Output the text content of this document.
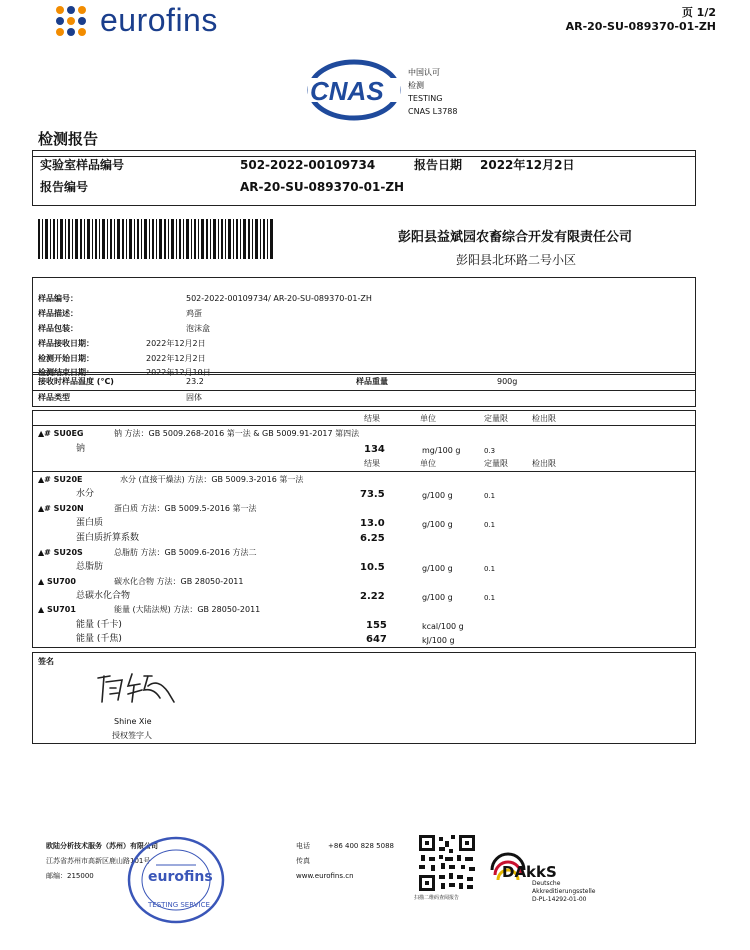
eurofins	页 1/2
AR-20-SU-089370-01-ZH
CNAS
中国认可
检测
TESTING
CNAS L3788
检测报告
实验室样品编号	502-2022-00109734	报告日期 2022年12月2日
报告编号	AR-20-SU-089370-01-ZH
彭阳县益斌园农畜综合开发有限责任公司
彭阳县北环路二号小区
样品编号：	502-2022-00109734/ AR-20-SU-089370-01-ZH
样品描述：	鸡蛋
样品包装：	泡沫盒
样品接收日期：	2022年12月2日
检测开始日期：	2022年12月2日
检测结束日期：	2022年12月10日
接收时样品温度 (°C)	23.2	样品重量	900g
样品类型	固体
结果	单位	定量限	检出限
▲# SU0EG	钠 方法：GB 5009.268-2016 第一法 & GB 5009.91-2017 第四法
钠	134	mg/100 g	0.3
结果	单位	定量限	检出限
▲# SU20E	水分 (直接干燥法) 方法：GB 5009.3-2016 第一法
水分	73.5	g/100 g	0.1
▲# SU20N	蛋白质 方法：GB 5009.5-2016 第一法
蛋白质	13.0	g/100 g	0.1
蛋白质折算系数	6.25
▲# SU20S	总脂肪 方法：GB 5009.6-2016 方法二
总脂肪	10.5	g/100 g	0.1
▲ SU700	碳水化合物 方法：GB 28050-2011
总碳水化合物	2.22	g/100 g	0.1
▲ SU701	能量 (大陆法规) 方法：GB 28050-2011
能量 (千卡)	155	kcal/100 g
能量 (千焦)	647	kJ/100 g
签名
Shine Xie
授权签字人
欧陆分析技术服务（苏州）有限公司
江苏省苏州市高新区鹿山路101号
邮编：215000	eurofins
TESTING SERVICE
电话	+86 400 828 5088
传真
www.eurofins.cn
扫描二维码查阅报告
DAkkS
Deutsche
Akkreditierungsstelle
D-PL-14292-01-00
